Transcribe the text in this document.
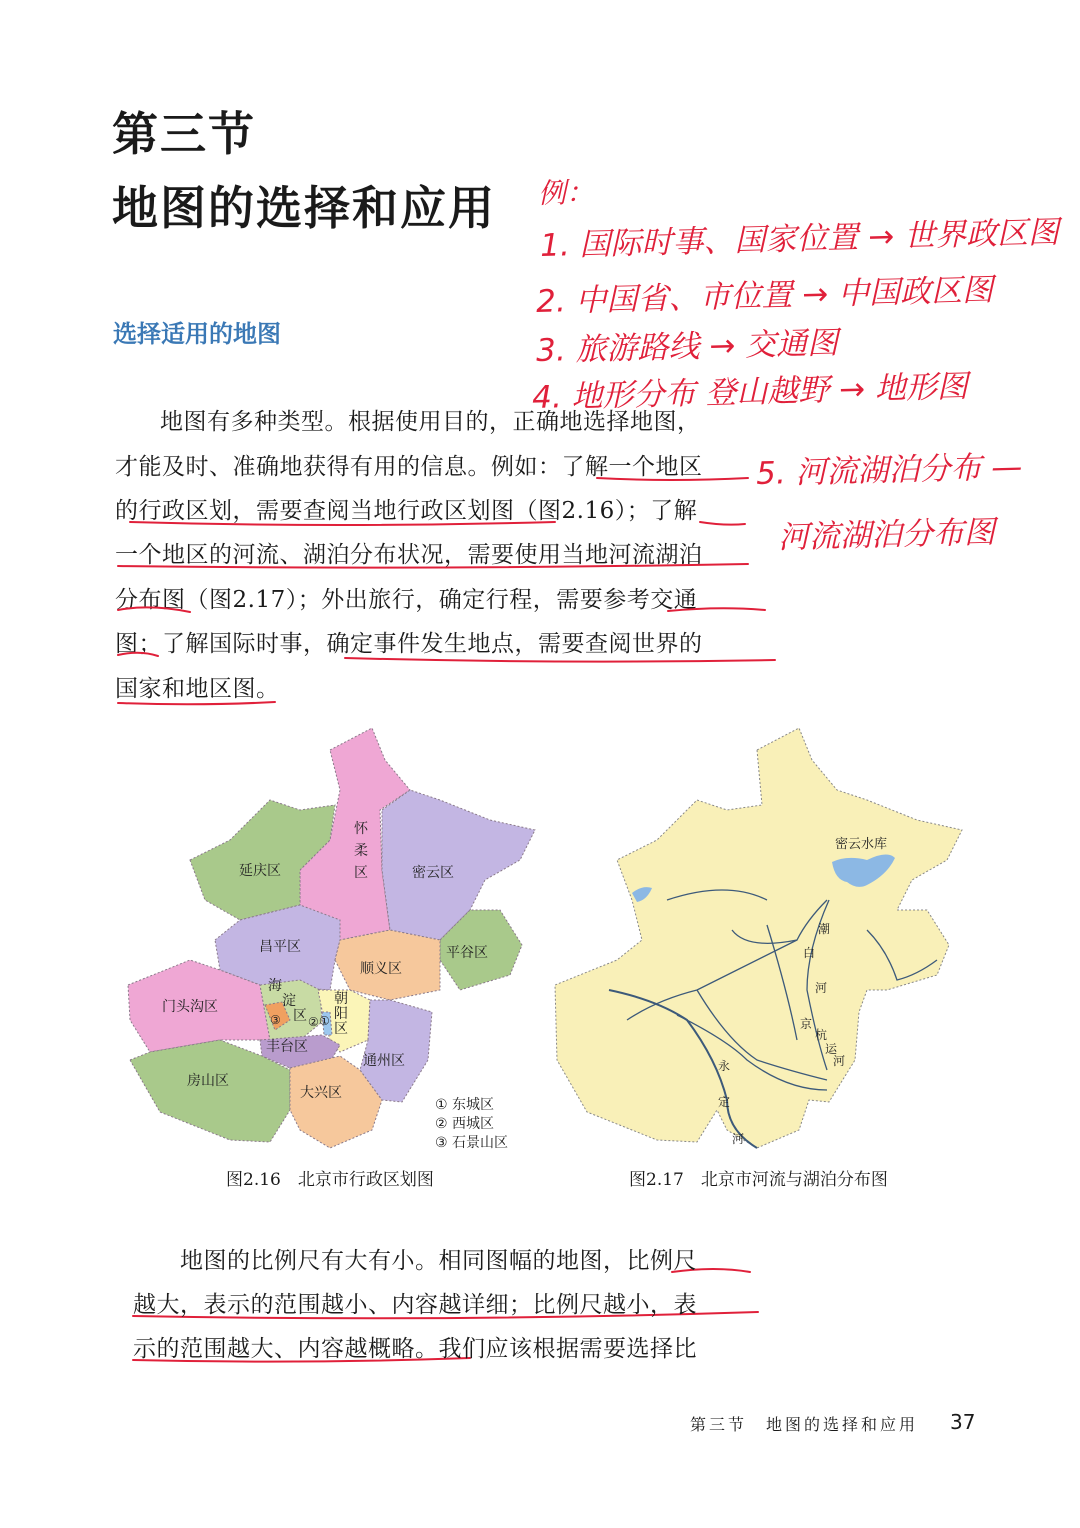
第三节
地图的选择和应用
选择适用的地图
地图有多种类型。根据使用目的，正确地选择地图，
才能及时、准确地获得有用的信息。例如：了解一个地区
的行政区划，需要查阅当地行政区划图（图2.16）；了解
一个地区的河流、湖泊分布状况，需要使用当地河流湖泊
分布图（图2.17）；外出旅行，确定行程，需要参考交通
图；了解国际时事，确定事件发生地点，需要查阅世界的
国家和地区图。
例：
1. 国际时事、国家位置 → 世界政区图
2. 中国省、市位置 → 中国政区图
3. 旅游路线 → 交通图
4. 地形分布 登山越野 → 地形图
5. 河流湖泊分布 —
河流湖泊分布图
延庆区
怀
柔
区	密云区
昌平区	平谷区
顺义区
门头沟区
海
淀
区
朝
阳
区
丰台区
房山区
通州区
大兴区
③ ② ①
① 东城区
② 西城区
③ 石景山区
图2.16　北京市行政区划图
密云水库
潮
白
河
京
杭
运
河
永
定
河
图2.17　北京市河流与湖泊分布图
地图的比例尺有大有小。相同图幅的地图，比例尺
越大，表示的范围越小、内容越详细；比例尺越小，表
示的范围越大、内容越概略。我们应该根据需要选择比
第三节　地图的选择和应用 37
